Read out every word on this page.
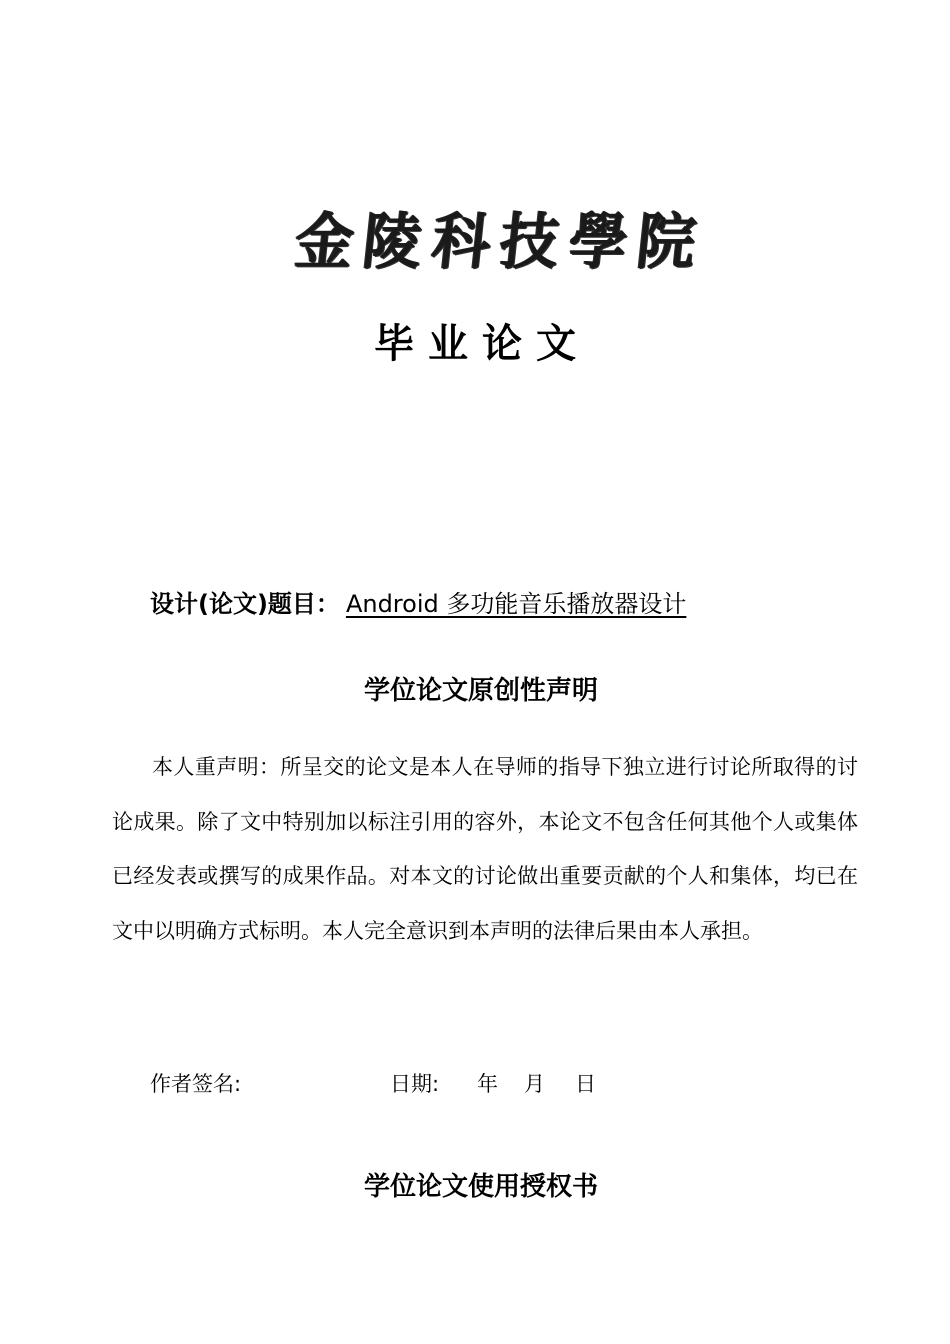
金 陵 科 技 學 院
毕业论文
设计(论文)题目： Android 多功能音乐播放器设计
学位论文原创性声明

本人重声明：所呈交的论文是本人在导师的指导下独立进行讨论所取得的讨论成果。除了文中特别加以标注引用的容外，本论文不包含任何其他个人或集体已经发表或撰写的成果作品。对本文的讨论做出重要贡献的个人和集体，均已在文中以明确方式标明。本人完全意识到本声明的法律后果由本人承担。

作者签名:	日期: 年 月 日
学位论文使用授权书
